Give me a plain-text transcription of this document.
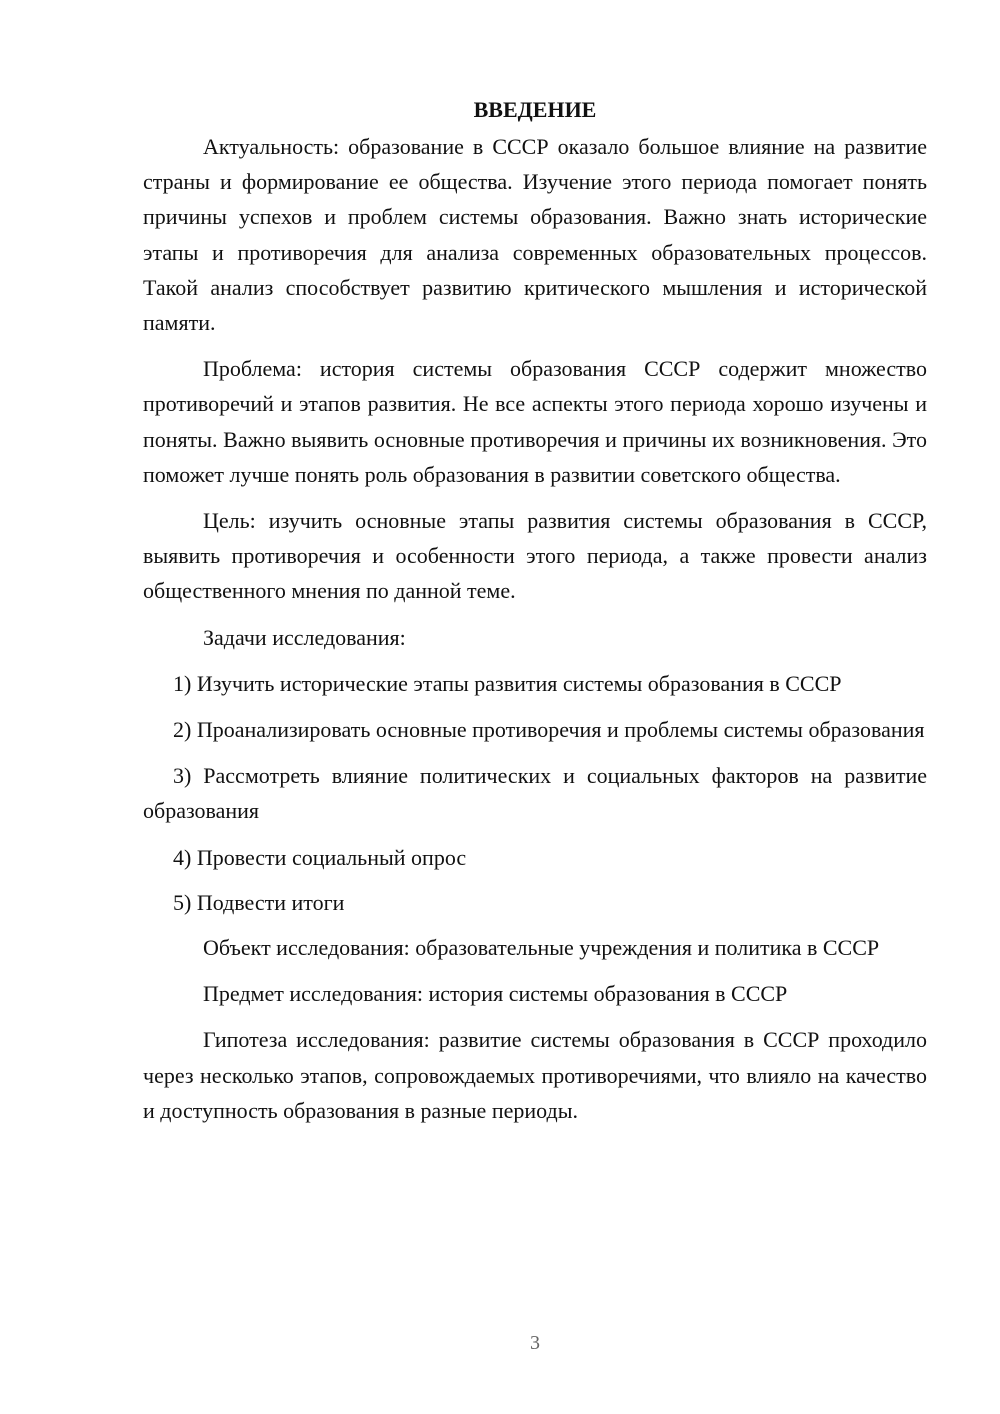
ВВЕДЕНИЕ

Актуальность: образование в СССР оказало большое влияние на развитие страны и формирование ее общества. Изучение этого периода помогает понять причины успехов и проблем системы образования. Важно знать исторические этапы и противоречия для анализа современных образовательных процессов. Такой анализ способствует развитию критического мышления и исторической памяти.

Проблема: история системы образования СССР содержит множество противоречий и этапов развития. Не все аспекты этого периода хорошо изучены и поняты. Важно выявить основные противоречия и причины их возникновения. Это поможет лучше понять роль образования в развитии советского общества.

Цель: изучить основные этапы развития системы образования в СССР, выявить противоречия и особенности этого периода, а также провести анализ общественного мнения по данной теме.

Задачи исследования:

1) Изучить исторические этапы развития системы образования в СССР

2) Проанализировать основные противоречия и проблемы системы образования

3) Рассмотреть влияние политических и социальных факторов на развитие образования

4) Провести социальный опрос

5) Подвести итоги

Объект исследования: образовательные учреждения и политика в СССР

Предмет исследования: история системы образования в СССР

Гипотеза исследования: развитие системы образования в СССР проходило через несколько этапов, сопровождаемых противоречиями, что влияло на качество и доступность образования в разные периоды.

3
